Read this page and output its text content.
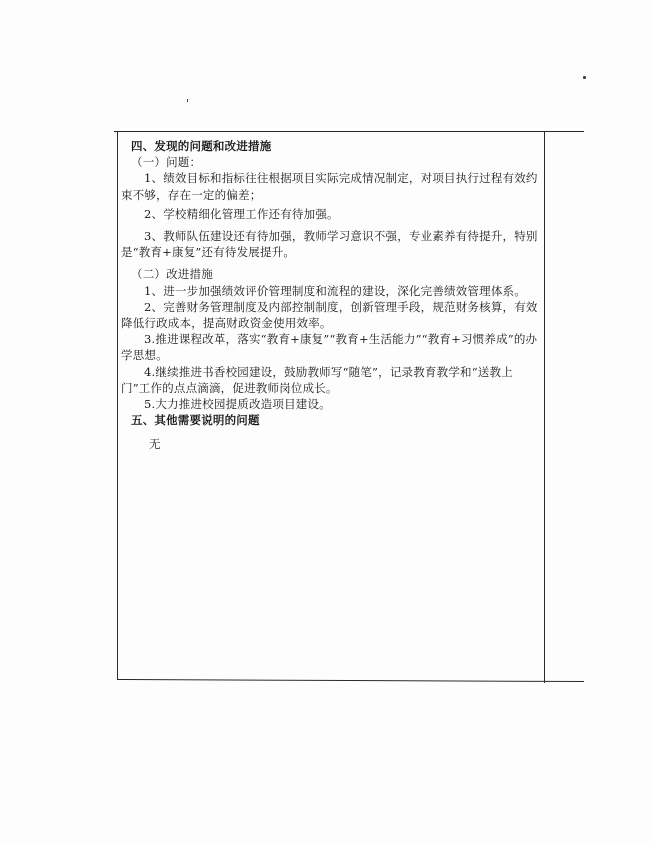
四、发现的问题和改进措施

（一）问题：

1、绩效目标和指标往往根据项目实际完成情况制定，对项目执行过程有效约束不够，存在一定的偏差；

2、学校精细化管理工作还有待加强。

3、教师队伍建设还有待加强，教师学习意识不强，专业素养有待提升，特别是“教育+康复”还有待发展提升。

（二）改进措施

1、进一步加强绩效评价管理制度和流程的建设，深化完善绩效管理体系。

2、完善财务管理制度及内部控制制度，创新管理手段，规范财务核算，有效降低行政成本，提高财政资金使用效率。

3.推进课程改革，落实“教育+康复”“教育+生活能力”“教育+习惯养成”的办学思想。

4.继续推进书香校园建设，鼓励教师写“随笔”，记录教育教学和“送教上门”工作的点点滴滴，促进教师岗位成长。

5.大力推进校园提质改造项目建设。

五、其他需要说明的问题

无
